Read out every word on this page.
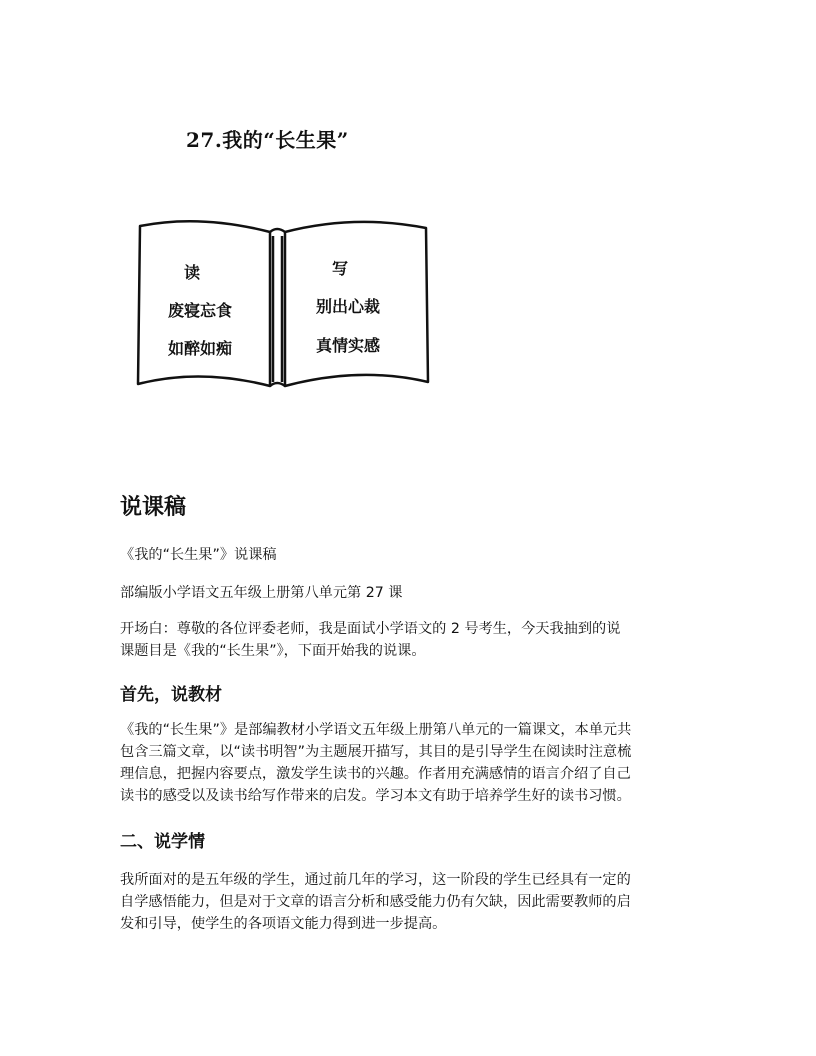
27.我的“长生果”
读
废寝忘食
如醉如痴
写
别出心裁
真情实感
说课稿

《我的“长生果”》说课稿

部编版小学语文五年级上册第八单元第 27 课

开场白：尊敬的各位评委老师，我是面试小学语文的 2 号考生，今天我抽到的说

课题目是《我的“长生果”》，下面开始我的说课。

首先，说教材

《我的“长生果”》是部编教材小学语文五年级上册第八单元的一篇课文，本单元共

包含三篇文章，以“读书明智”为主题展开描写，其目的是引导学生在阅读时注意梳

理信息，把握内容要点，激发学生读书的兴趣。作者用充满感情的语言介绍了自己

读书的感受以及读书给写作带来的启发。学习本文有助于培养学生好的读书习惯。

二、说学情

我所面对的是五年级的学生，通过前几年的学习，这一阶段的学生已经具有一定的

自学感悟能力，但是对于文章的语言分析和感受能力仍有欠缺，因此需要教师的启

发和引导，使学生的各项语文能力得到进一步提高。
